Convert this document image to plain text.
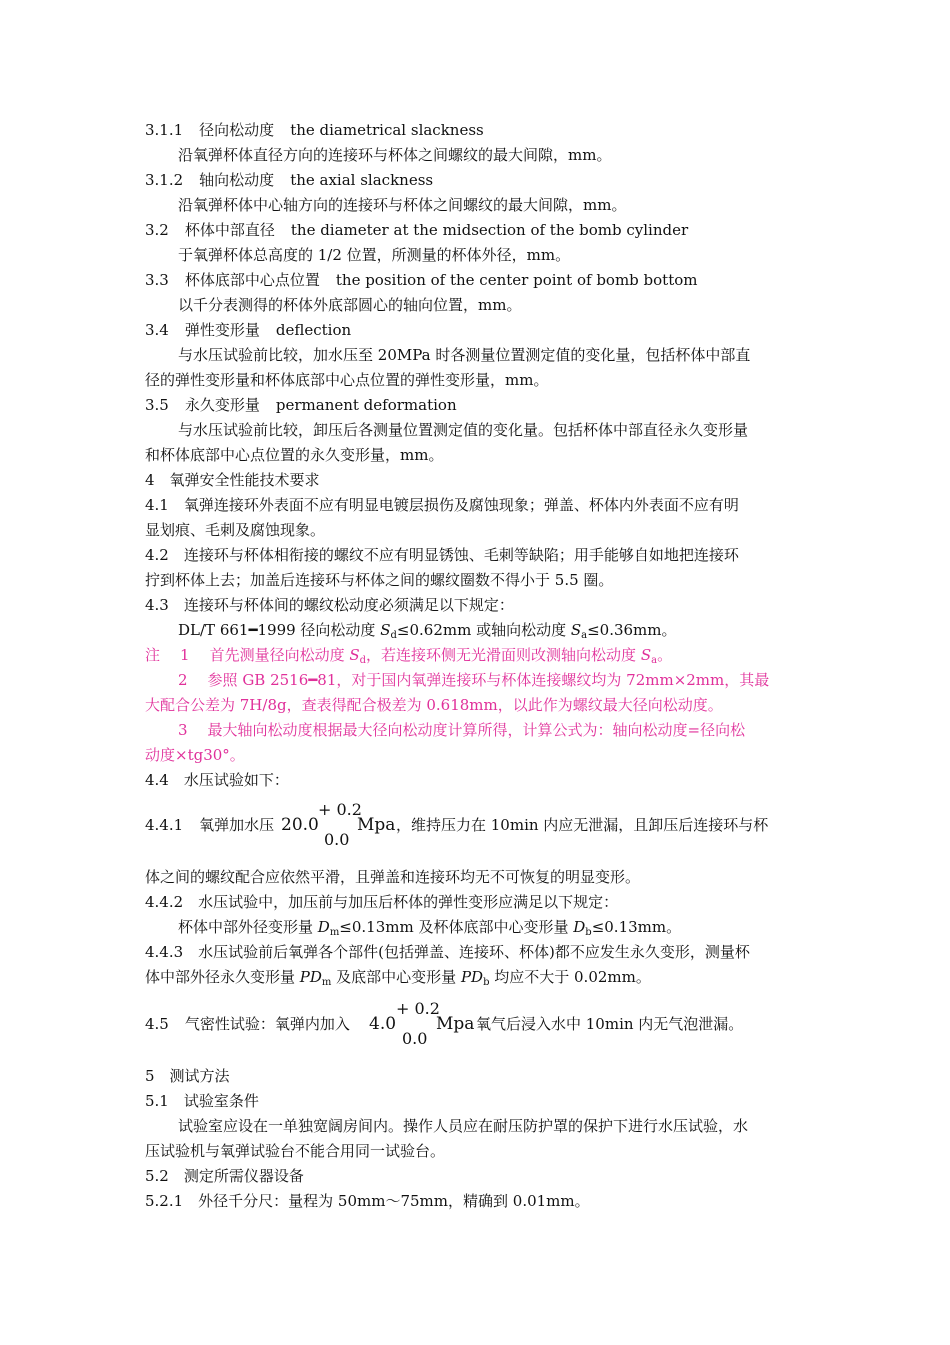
3.1.1 径向松动度 the diametrical slackness
沿氧弹杯体直径方向的连接环与杯体之间螺纹的最大间隙，mm。
3.1.2 轴向松动度 the axial slackness
沿氧弹杯体中心轴方向的连接环与杯体之间螺纹的最大间隙，mm。
3.2 杯体中部直径 the diameter at the midsection of the bomb cylinder
于氧弹杯体总高度的 1/2 位置，所测量的杯体外径，mm。
3.3 杯体底部中心点位置 the position of the center point of bomb bottom
以千分表测得的杯体外底部圆心的轴向位置，mm。
3.4 弹性变形量 deflection
与水压试验前比较，加水压至 20MPa 时各测量位置测定值的变化量，包括杯体中部直
径的弹性变形量和杯体底部中心点位置的弹性变形量，mm。
3.5 永久变形量 permanent deformation
与水压试验前比较，卸压后各测量位置测定值的变化量。包括杯体中部直径永久变形量
和杯体底部中心点位置的永久变形量，mm。
4　氧弹安全性能技术要求
4.1　氧弹连接环外表面不应有明显电镀层损伤及腐蚀现象；弹盖、杯体内外表面不应有明
显划痕、毛刺及腐蚀现象。
4.2　连接环与杯体相衔接的螺纹不应有明显锈蚀、毛刺等缺陷；用手能够自如地把连接环
拧到杯体上去；加盖后连接环与杯体之间的螺纹圈数不得小于 5.5 圈。
4.3　连接环与杯体间的螺纹松动度必须满足以下规定：
DL/T 661━1999 径向松动度 $S_d\le 0.62mm$ 或轴向松动度 $S_a\le 0.36mm$。
注 1 首先测量径向松动度 $S_d$，若连接环侧无光滑面则改测轴向松动度 $S_a$。
2 参照 GB 2516━81，对于国内氧弹连接环与杯体连接螺纹均为 72mm×2mm，其最
大配合公差为 7H/8g，查表得配合极差为 0.618mm，以此作为螺纹最大径向松动度。
3 最大轴向松动度根据最大径向松动度计算所得，计算公式为：轴向松动度=径向松
动度×tg30°。
4.4　水压试验如下：
4.4.1 氧弹加水压 20.0
+ 0.2
0.0
Mpa ，维持压力在 10min 内应无泄漏，且卸压后连接环与杯
体之间的螺纹配合应依然平滑，且弹盖和连接环均无不可恢复的明显变形。
4.4.2　水压试验中，加压前与加压后杯体的弹性变形应满足以下规定：
杯体中部外径变形量 $D_m\le 0.13mm$ 及杯体底部中心变形量 $D_b\le 0.13mm$。
4.4.3　水压试验前后氧弹各个部件(包括弹盖、连接环、杯体)都不应发生永久变形，测量杯
体中部外径永久变形量 $PD_m$ 及底部中心变形量 $PD_b$ 均应不大于 0.02mm。
4.5 气密性试验：氧弹内加入 4.0
+ 0.2
0.0
Mpa 氧气后浸入水中 10min 内无气泡泄漏。
5　测试方法
5.1　试验室条件
试验室应设在一单独宽阔房间内。操作人员应在耐压防护罩的保护下进行水压试验，水
压试验机与氧弹试验台不能合用同一试验台。
5.2　测定所需仪器设备
5.2.1　外径千分尺：量程为 50mm～75mm，精确到 0.01mm。
